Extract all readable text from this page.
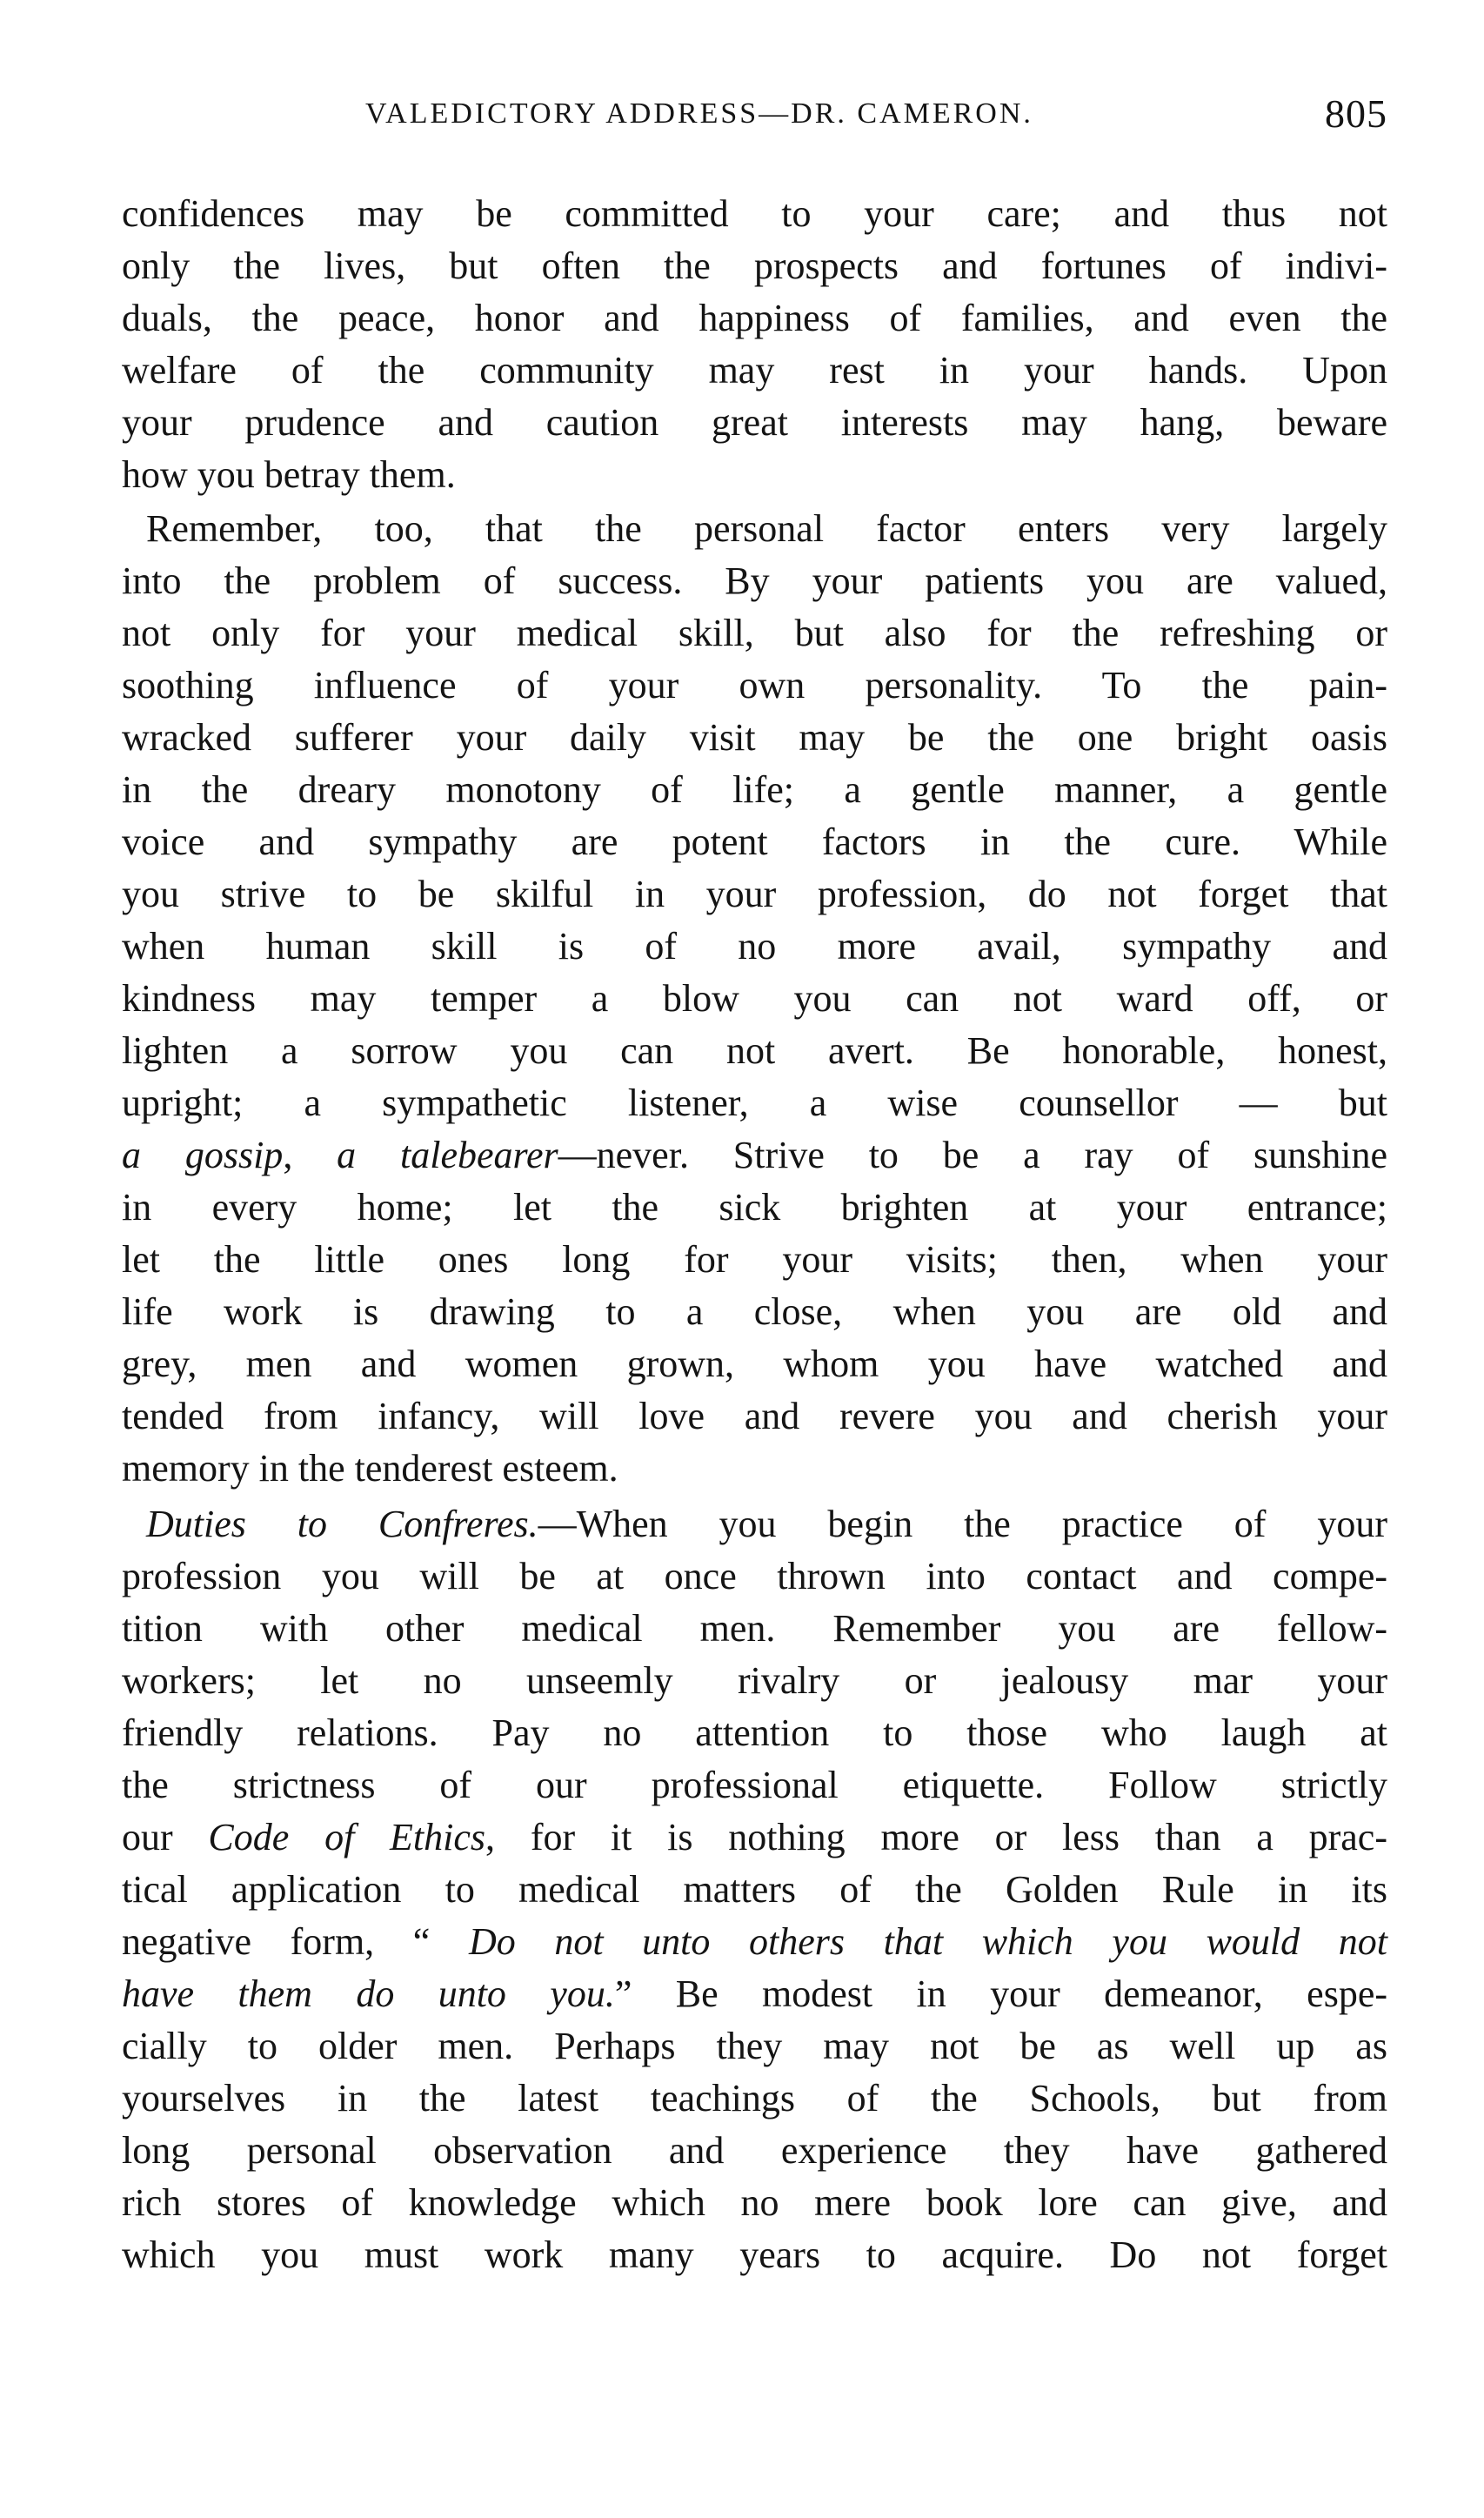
VALEDICTORY ADDRESS—DR. CAMERON.	805
confidences may be committed to your care; and thus not
only the lives, but often the prospects and fortunes of indivi-
duals, the peace, honor and happiness of families, and even the
welfare of the community may rest in your hands. Upon
your prudence and caution great interests may hang, beware
how you betray them.
Remember, too, that the personal factor enters very largely
into the problem of success. By your patients you are valued,
not only for your medical skill, but also for the refreshing or
soothing influence of your own personality. To the pain-
wracked sufferer your daily visit may be the one bright oasis
in the dreary monotony of life; a gentle manner, a gentle
voice and sympathy are potent factors in the cure. While
you strive to be skilful in your profession, do not forget that
when human skill is of no more avail, sympathy and
kindness may temper a blow you can not ward off, or
lighten a sorrow you can not avert. Be honorable, honest,
upright; a sympathetic listener, a wise counsellor — but
a gossip, a talebearer—never. Strive to be a ray of sunshine
in every home; let the sick brighten at your entrance;
let the little ones long for your visits; then, when your
life work is drawing to a close, when you are old and
grey, men and women grown, whom you have watched and
tended from infancy, will love and revere you and cherish your
memory in the tenderest esteem.
Duties to Confreres.—When you begin the practice of your
profession you will be at once thrown into contact and compe-
tition with other medical men. Remember you are fellow-
workers; let no unseemly rivalry or jealousy mar your
friendly relations. Pay no attention to those who laugh at
the strictness of our professional etiquette. Follow strictly
our Code of Ethics, for it is nothing more or less than a prac-
tical application to medical matters of the Golden Rule in its
negative form, “ Do not unto others that which you would not
have them do unto you.” Be modest in your demeanor, espe-
cially to older men. Perhaps they may not be as well up as
yourselves in the latest teachings of the Schools, but from
long personal observation and experience they have gathered
rich stores of knowledge which no mere book lore can give, and
which you must work many years to acquire. Do not forget
